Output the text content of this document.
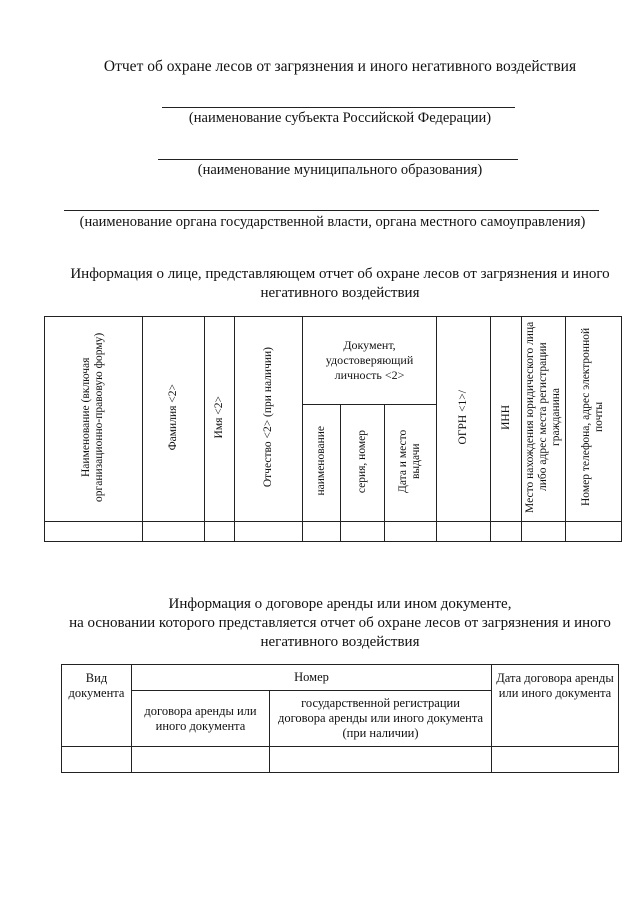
Отчет об охране лесов от загрязнения и иного негативного воздействия
(наименование субъекта Российской Федерации)
(наименование муниципального образования)
(наименование органа государственной власти, органа местного самоуправления)
Информация о лице, представляющем отчет об охране лесов от загрязнения и иного
негативного воздействия
Наименование (включая организационно-правовую форму)	Фамилия <2>	Имя <2>	Отчество <2> (при наличии)	Документ, удостоверяющий личность <2>			ОГРН <1>/	ИНН	Место нахождения юридического лица либо адрес места регистрации гражданина	Номер телефона, адрес электронной почты
				наименование	серия, номер	Дата и место выдачи				

Информация о договоре аренды или ином документе,
на основании которого представляется отчет об охране лесов от загрязнения и иного
негативного воздействия
Вид документа	Номер		Дата договора аренды или иного документа

	договора аренды или иного документа	государственной регистрации договора аренды или иного документа (при наличии)	
